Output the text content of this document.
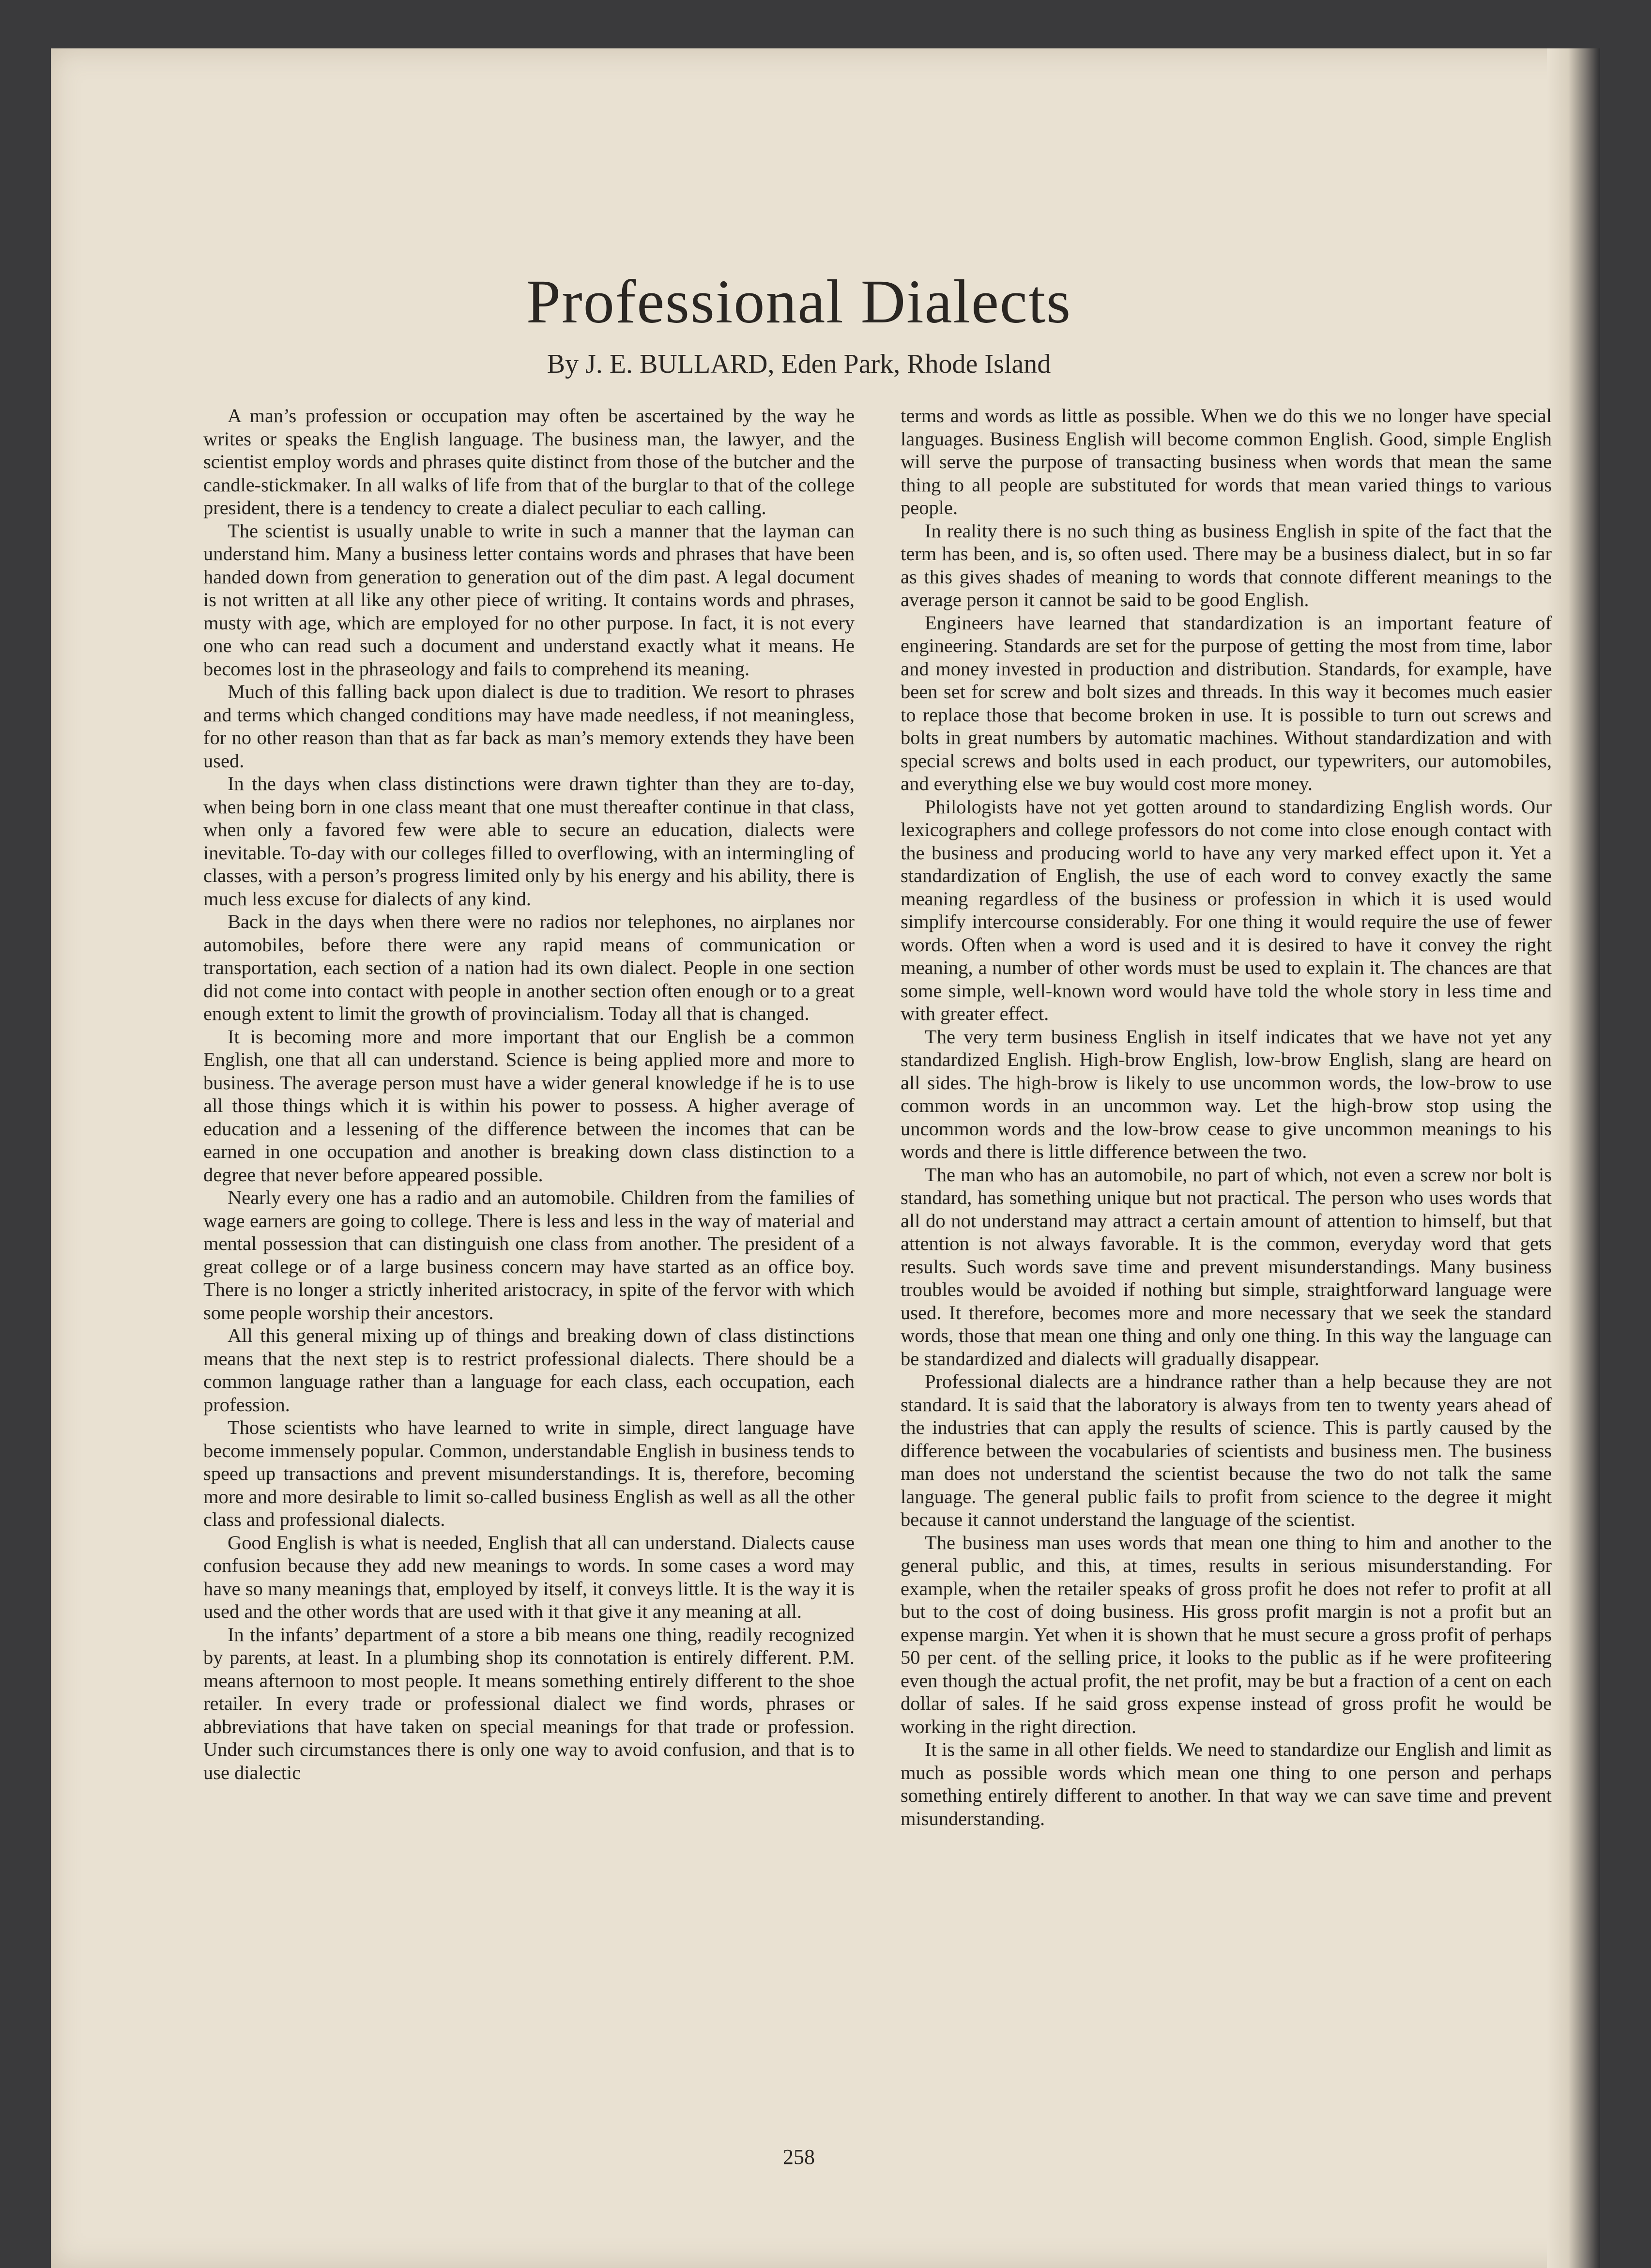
Professional Dialects
By J. E. BULLARD, Eden Park, Rhode Island

A man’s profession or occupation may often be ascertained by the way he writes or speaks the English language. The business man, the lawyer, and the scientist employ words and phrases quite distinct from those of the butcher and the candle-stickmaker. In all walks of life from that of the burglar to that of the college president, there is a tendency to create a dialect peculiar to each calling.

The scientist is usually unable to write in such a manner that the layman can understand him. Many a business letter contains words and phrases that have been handed down from generation to generation out of the dim past. A legal document is not written at all like any other piece of writing. It contains words and phrases, musty with age, which are employed for no other purpose. In fact, it is not every one who can read such a document and understand exactly what it means. He becomes lost in the phraseology and fails to comprehend its meaning.

Much of this falling back upon dialect is due to tradition. We resort to phrases and terms which changed conditions may have made needless, if not meaningless, for no other reason than that as far back as man’s memory extends they have been used.

In the days when class distinctions were drawn tighter than they are to-day, when being born in one class meant that one must thereafter continue in that class, when only a favored few were able to secure an education, dialects were inevitable. To-day with our colleges filled to overflowing, with an intermingling of classes, with a person’s progress limited only by his energy and his ability, there is much less excuse for dialects of any kind.

Back in the days when there were no radios nor telephones, no airplanes nor automobiles, before there were any rapid means of communication or transportation, each section of a nation had its own dialect. People in one section did not come into contact with people in another section often enough or to a great enough extent to limit the growth of provincialism. Today all that is changed.

It is becoming more and more important that our English be a common English, one that all can understand. Science is being applied more and more to business. The average person must have a wider general knowledge if he is to use all those things which it is within his power to possess. A higher average of education and a lessening of the difference between the incomes that can be earned in one occupation and another is breaking down class distinction to a degree that never before appeared possible.

Nearly every one has a radio and an automobile. Children from the families of wage earners are going to college. There is less and less in the way of material and mental possession that can distinguish one class from another. The president of a great college or of a large business concern may have started as an office boy. There is no longer a strictly inherited aristocracy, in spite of the fervor with which some people worship their ancestors.

All this general mixing up of things and breaking down of class distinctions means that the next step is to restrict professional dialects. There should be a common language rather than a language for each class, each occupation, each profession.

Those scientists who have learned to write in simple, direct language have become immensely popular. Common, understandable English in business tends to speed up transactions and prevent misunderstandings. It is, therefore, becoming more and more desirable to limit so-called business English as well as all the other class and professional dialects.

Good English is what is needed, English that all can understand. Dialects cause confusion because they add new meanings to words. In some cases a word may have so many meanings that, employed by itself, it conveys little. It is the way it is used and the other words that are used with it that give it any meaning at all.

In the infants’ department of a store a bib means one thing, readily recognized by parents, at least. In a plumbing shop its connotation is entirely different. P.M. means afternoon to most people. It means something entirely different to the shoe retailer. In every trade or professional dialect we find words, phrases or abbreviations that have taken on special meanings for that trade or profession. Under such circumstances there is only one way to avoid confusion, and that is to use dialectic

terms and words as little as possible. When we do this we no longer have special languages. Business English will become common English. Good, simple English will serve the purpose of transacting business when words that mean the same thing to all people are substituted for words that mean varied things to various people.

In reality there is no such thing as business English in spite of the fact that the term has been, and is, so often used. There may be a business dialect, but in so far as this gives shades of meaning to words that connote different meanings to the average person it cannot be said to be good English.

Engineers have learned that standardization is an important feature of engineering. Standards are set for the purpose of getting the most from time, labor and money invested in production and distribution. Standards, for example, have been set for screw and bolt sizes and threads. In this way it becomes much easier to replace those that become broken in use. It is possible to turn out screws and bolts in great numbers by automatic machines. Without standardization and with special screws and bolts used in each product, our typewriters, our automobiles, and everything else we buy would cost more money.

Philologists have not yet gotten around to standardizing English words. Our lexicographers and college professors do not come into close enough contact with the business and producing world to have any very marked effect upon it. Yet a standardization of English, the use of each word to convey exactly the same meaning regardless of the business or profession in which it is used would simplify intercourse considerably. For one thing it would require the use of fewer words. Often when a word is used and it is desired to have it convey the right meaning, a number of other words must be used to explain it. The chances are that some simple, well-known word would have told the whole story in less time and with greater effect.

The very term business English in itself indicates that we have not yet any standardized English. High-brow English, low-brow English, slang are heard on all sides. The high-brow is likely to use uncommon words, the low-brow to use common words in an uncommon way. Let the high-brow stop using the uncommon words and the low-brow cease to give uncommon meanings to his words and there is little difference between the two.

The man who has an automobile, no part of which, not even a screw nor bolt is standard, has something unique but not practical. The person who uses words that all do not understand may attract a certain amount of attention to himself, but that attention is not always favorable. It is the common, everyday word that gets results. Such words save time and prevent misunderstandings. Many business troubles would be avoided if nothing but simple, straightforward language were used. It therefore, becomes more and more necessary that we seek the standard words, those that mean one thing and only one thing. In this way the language can be standardized and dialects will gradually disappear.

Professional dialects are a hindrance rather than a help because they are not standard. It is said that the laboratory is always from ten to twenty years ahead of the industries that can apply the results of science. This is partly caused by the difference between the vocabularies of scientists and business men. The business man does not understand the scientist because the two do not talk the same language. The general public fails to profit from science to the degree it might because it cannot understand the language of the scientist.

The business man uses words that mean one thing to him and another to the general public, and this, at times, results in serious misunderstanding. For example, when the retailer speaks of gross profit he does not refer to profit at all but to the cost of doing business. His gross profit margin is not a profit but an expense margin. Yet when it is shown that he must secure a gross profit of perhaps 50 per cent. of the selling price, it looks to the public as if he were profiteering even though the actual profit, the net profit, may be but a fraction of a cent on each dollar of sales. If he said gross expense instead of gross profit he would be working in the right direction.

It is the same in all other fields. We need to standardize our English and limit as much as possible words which mean one thing to one person and perhaps something entirely different to another. In that way we can save time and prevent misunderstanding.

258
